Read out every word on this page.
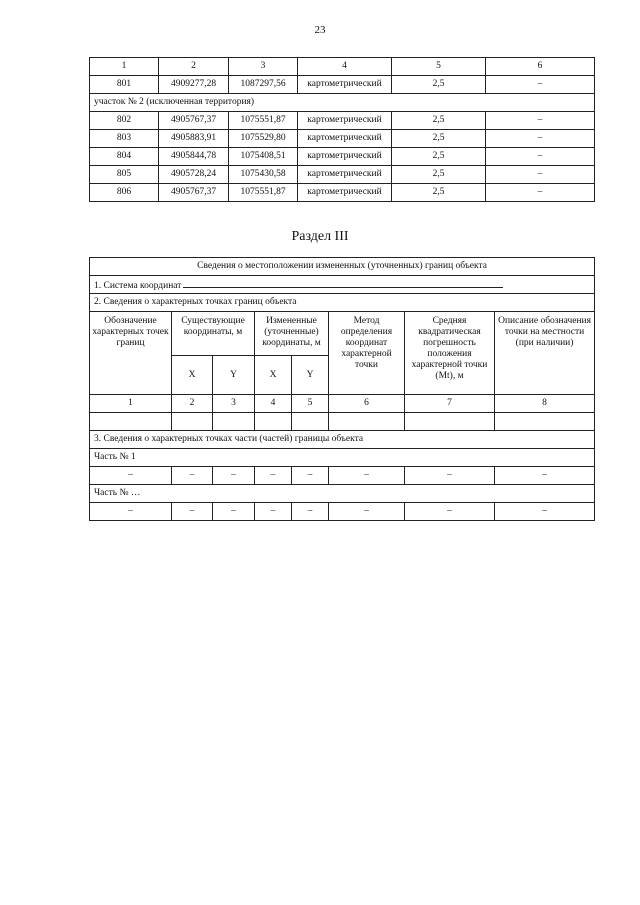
23
1	2	3	4	5	6
801	4909277,28	1087297,56	картометрический	2,5	–
участок № 2 (исключенная территория)					
802	4905767,37	1075551,87	картометрический	2,5	–
803	4905883,91	1075529,80	картометрический	2,5	–
804	4905844,78	1075408,51	картометрический	2,5	–
805	4905728,24	1075430,58	картометрический	2,5	–
806	4905767,37	1075551,87	картометрический	2,5	–
Раздел III
Сведения о местоположении измененных (уточненных) границ объекта							
1. Система координат							
2. Сведения о характерных точках границ объекта							
Обозначение характерных точек границ	Существующие координаты, м		Измененные (уточненные) координаты, м		Метод определения координат характерной точки	Средняя квадратическая погрешность положения характерной точки (Mt), м	Описание обозначения точки на местности (при наличии)
	X	Y	X	Y			
1	2	3	4	5	6	7	8

3. Сведения о характерных точках части (частей) границы объекта							
Часть № 1							
–	–	–	–	–	–	–	–
Часть № …							
–	–	–	–	–	–	–	–
